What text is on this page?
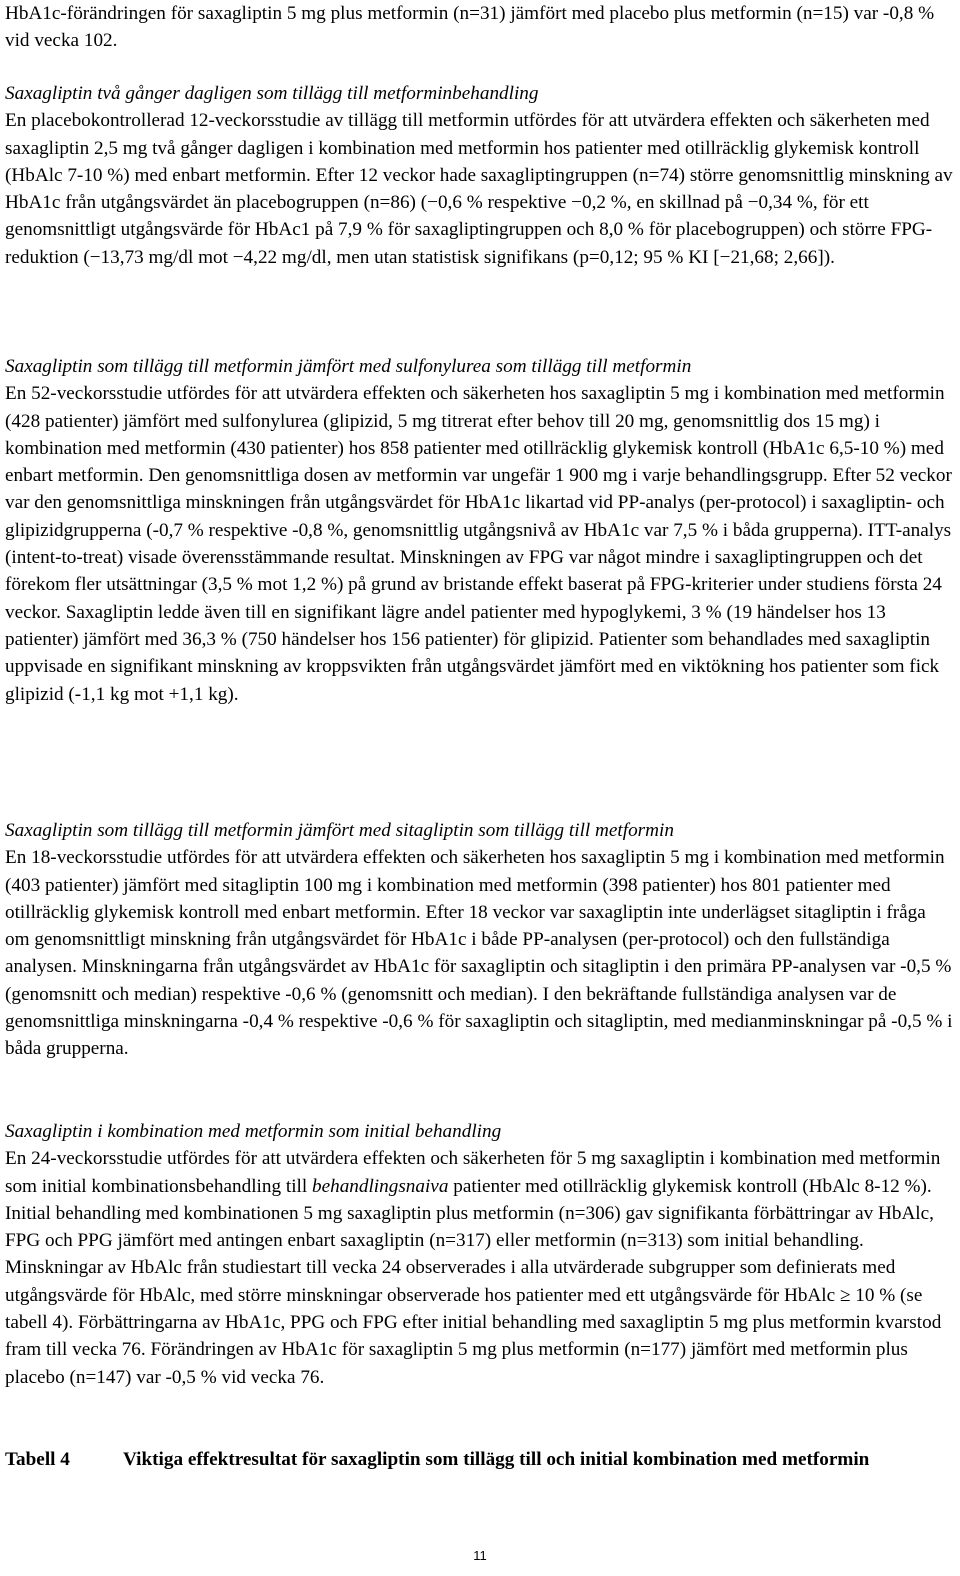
HbA1c-förändringen för saxagliptin 5 mg plus metformin (n=31) jämfört med placebo plus metformin (n=15) var -0,8 % vid vecka 102.

Saxagliptin två gånger dagligen som tillägg till metforminbehandling

En placebokontrollerad 12-veckorsstudie av tillägg till metformin utfördes för att utvärdera effekten och säkerheten med saxagliptin 2,5 mg två gånger dagligen i kombination med metformin hos patienter med otillräcklig glykemisk kontroll (HbAlc 7-10 %) med enbart metformin. Efter 12 veckor hade saxagliptingruppen (n=74) större genomsnittlig minskning av HbA1c från utgångsvärdet än placebogruppen (n=86) (−0,6 % respektive −0,2 %, en skillnad på −0,34 %, för ett genomsnittligt utgångsvärde för HbAc1 på 7,9 % för saxagliptingruppen och 8,0 % för placebogruppen) och större FPG-reduktion (−13,73 mg/dl mot −4,22 mg/dl, men utan statistisk signifikans (p=0,12; 95 % KI [−21,68; 2,66]).

Saxagliptin som tillägg till metformin jämfört med sulfonylurea som tillägg till metformin

En 52-veckorsstudie utfördes för att utvärdera effekten och säkerheten hos saxagliptin 5 mg i kombination med metformin (428 patienter) jämfört med sulfonylurea (glipizid, 5 mg titrerat efter behov till 20 mg, genomsnittlig dos 15 mg) i kombination med metformin (430 patienter) hos 858 patienter med otillräcklig glykemisk kontroll (HbA1c 6,5-10 %) med enbart metformin. Den genomsnittliga dosen av metformin var ungefär 1 900 mg i varje behandlingsgrupp. Efter 52 veckor var den genomsnittliga minskningen från utgångsvärdet för HbA1c likartad vid PP-analys (per-protocol) i saxagliptin- och glipizidgrupperna (-0,7 % respektive -0,8 %, genomsnittlig utgångsnivå av HbA1c var 7,5 % i båda grupperna). ITT-analys (intent-to-treat) visade överensstämmande resultat. Minskningen av FPG var något mindre i saxagliptingruppen och det förekom fler utsättningar (3,5 % mot 1,2 %) på grund av bristande effekt baserat på FPG-kriterier under studiens första 24 veckor. Saxagliptin ledde även till en signifikant lägre andel patienter med hypoglykemi, 3 % (19 händelser hos 13 patienter) jämfört med 36,3 % (750 händelser hos 156 patienter) för glipizid. Patienter som behandlades med saxagliptin uppvisade en signifikant minskning av kroppsvikten från utgångsvärdet jämfört med en viktökning hos patienter som fick glipizid (-1,1 kg mot +1,1 kg).

Saxagliptin som tillägg till metformin jämfört med sitagliptin som tillägg till metformin

En 18-veckorsstudie utfördes för att utvärdera effekten och säkerheten hos saxagliptin 5 mg i kombination med metformin (403 patienter) jämfört med sitagliptin 100 mg i kombination med metformin (398 patienter) hos 801 patienter med otillräcklig glykemisk kontroll med enbart metformin. Efter 18 veckor var saxagliptin inte underlägset sitagliptin i fråga om genomsnittligt minskning från utgångsvärdet för HbA1c i både PP-analysen (per-protocol) och den fullständiga analysen. Minskningarna från utgångsvärdet av HbA1c för saxagliptin och sitagliptin i den primära PP-analysen var -0,5 % (genomsnitt och median) respektive -0,6 % (genomsnitt och median). I den bekräftande fullständiga analysen var de genomsnittliga minskningarna -0,4 % respektive -0,6 % för saxagliptin och sitagliptin, med medianminskningar på -0,5 % i båda grupperna.

Saxagliptin i kombination med metformin som initial behandling

En 24-veckorsstudie utfördes för att utvärdera effekten och säkerheten för 5 mg saxagliptin i kombination med metformin som initial kombinationsbehandling till behandlingsnaiva patienter med otillräcklig glykemisk kontroll (HbAlc 8-12 %). Initial behandling med kombinationen 5 mg saxagliptin plus metformin (n=306) gav signifikanta förbättringar av HbAlc, FPG och PPG jämfört med antingen enbart saxagliptin (n=317) eller metformin (n=313) som initial behandling. Minskningar av HbAlc från studiestart till vecka 24 observerades i alla utvärderade subgrupper som definierats med utgångsvärde för HbAlc, med större minskningar observerade hos patienter med ett utgångsvärde för HbAlc ≥ 10 % (se tabell 4). Förbättringarna av HbA1c, PPG och FPG efter initial behandling med saxagliptin 5 mg plus metformin kvarstod fram till vecka 76. Förändringen av HbA1c för saxagliptin 5 mg plus metformin (n=177) jämfört med metformin plus placebo (n=147) var -0,5 % vid vecka 76.

Tabell 4	Viktiga effektresultat för saxagliptin som tillägg till och initial kombination med metformin
11
